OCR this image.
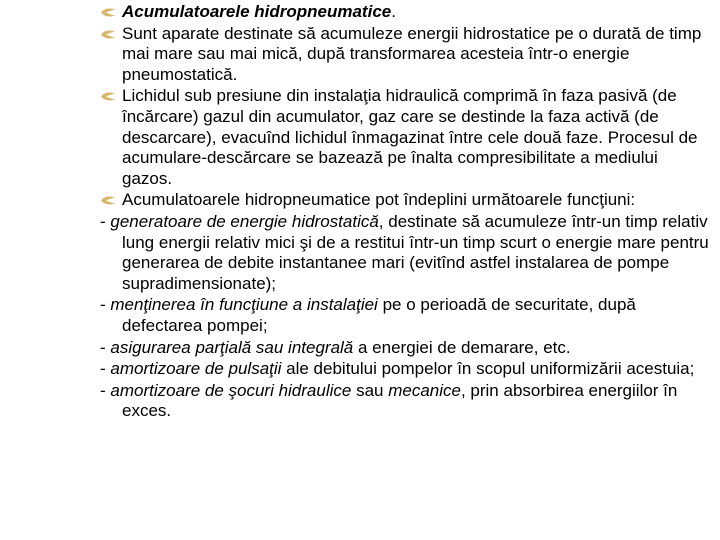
Acumulatoarele hidropneumatice.
Sunt aparate destinate să acumuleze energii hidrostatice pe o durată de timp mai mare sau mai mică, după transformarea acesteia într-o energie pneumostatică.
Lichidul sub presiune din instalaţia hidraulică comprimă în faza pasivă (de încărcare) gazul din acumulator, gaz care se destinde la faza activă (de descarcare), evacuînd lichidul înmagazinat între cele două faze. Procesul de acumulare-descărcare se bazează pe înalta compresibilitate a mediului gazos.
Acumulatoarele hidropneumatice pot îndeplini următoarele funcţiuni:
- generatoare de energie hidrostatică, destinate să acumuleze într-un timp relativ lung energii relativ mici şi de a restitui într-un timp scurt o energie mare pentru generarea de debite instantanee mari (evitînd astfel instalarea de pompe supradimensionate);
- menţinerea în funcţiune a instalaţiei pe o perioadă de securitate, după defectarea pompei;
- asigurarea parţială sau integrală a energiei de demarare, etc.
- amortizoare de pulsaţii ale debitului pompelor în scopul uniformizării acestuia;
- amortizoare de şocuri hidraulice sau mecanice, prin absorbirea energiilor în exces.
